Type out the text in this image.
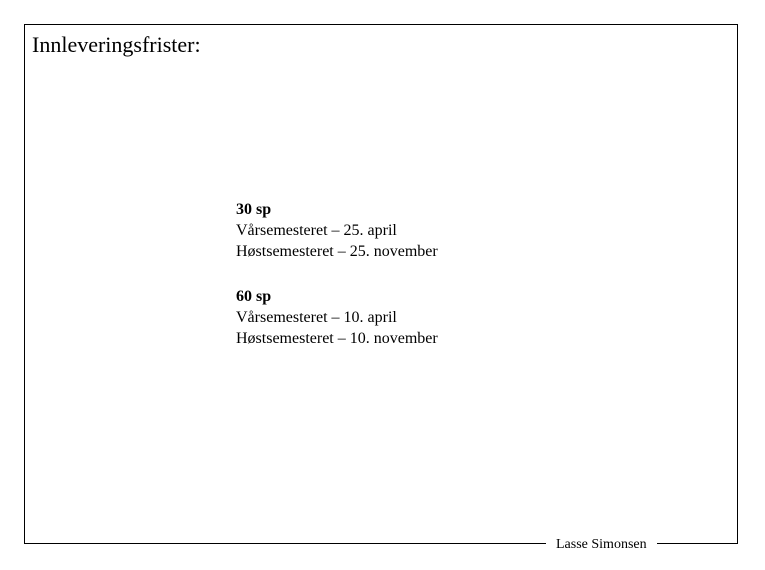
Innleveringsfrister:
30 sp
Vårsemesteret – 25. april
Høstsemesteret – 25. november
60 sp
Vårsemesteret – 10. april
Høstsemesteret – 10. november
Lasse Simonsen
